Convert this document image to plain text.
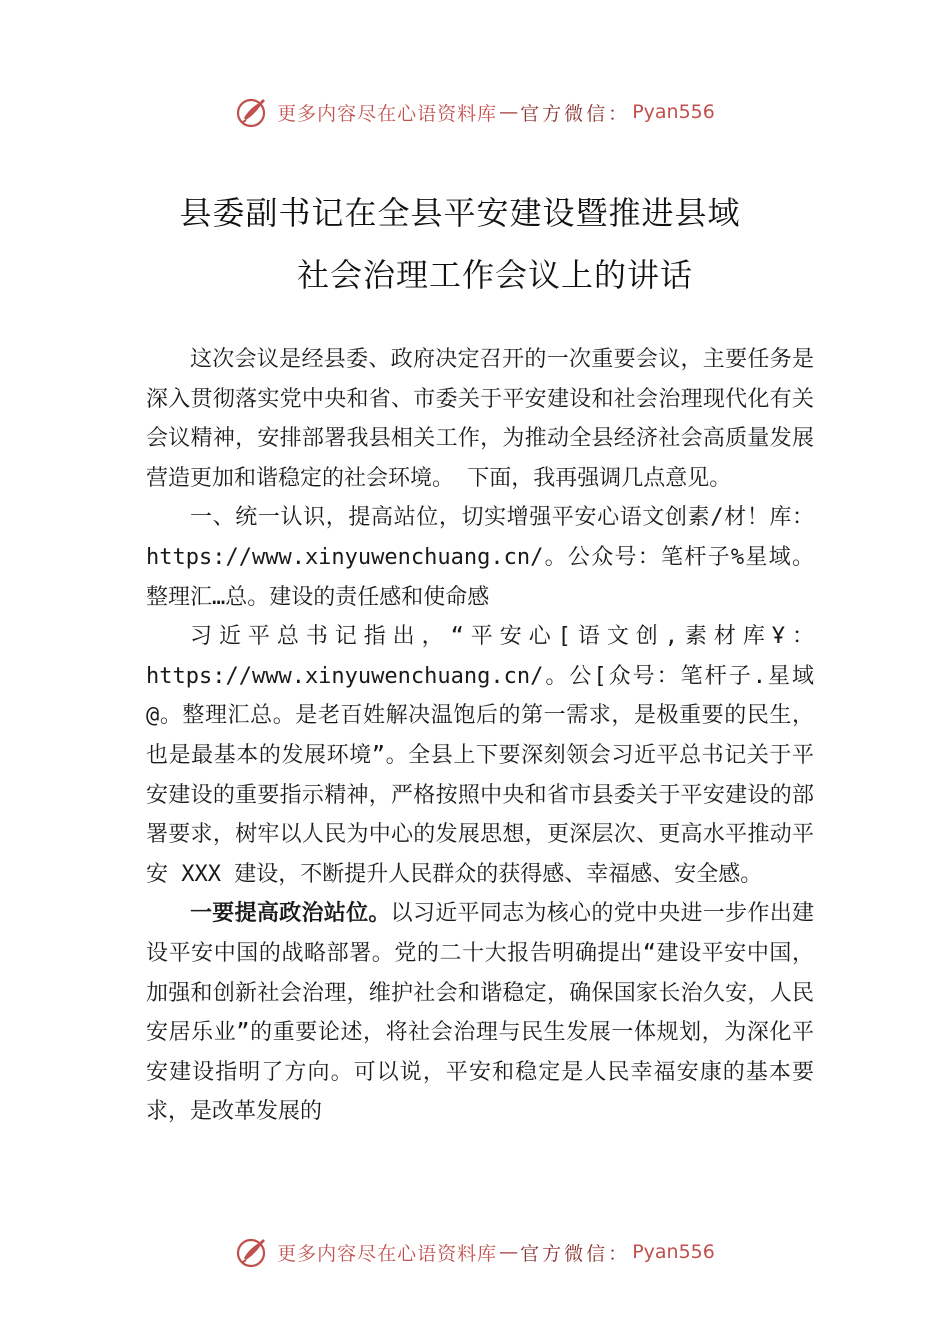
更多内容尽在心语资料库 — 官方微信： Pyan556
县委副书记在全县平安建设暨推进县域
社会治理工作会议上的讲话

这次会议是经县委、政府决定召开的一次重要会议，主要任务是深入贯彻落实党中央和省、市委关于平安建设和社会治理现代化有关会议精神，安排部署我县相关工作，为推动全县经济社会高质量发展营造更加和谐稳定的社会环境。 下面，我再强调几点意见。

一、统一认识，提高站位，切实增强平安心语文创素/材！库：https://www.xinyuwenchuang.cn/。公众号：笔杆子%星域。整理汇…总。建设的责任感和使命感

习近平总书记指出，“平安心[语文创,素材库Ұ：https://www.xinyuwenchuang.cn/。公[众号：笔杆子.星域@。整理汇总。是老百姓解决温饱后的第一需求，是极重要的民生，也是最基本的发展环境”。全县上下要深刻领会习近平总书记关于平安建设的重要指示精神，严格按照中央和省市县委关于平安建设的部署要求，树牢以人民为中心的发展思想，更深层次、更高水平推动平安 XXX 建设，不断提升人民群众的获得感、幸福感、安全感。

一要提高政治站位。以习近平同志为核心的党中央进一步作出建设平安中国的战略部署。党的二十大报告明确提出“建设平安中国，加强和创新社会治理，维护社会和谐稳定，确保国家长治久安，人民安居乐业”的重要论述，将社会治理与民生发展一体规划，为深化平安建设指明了方向。可以说，平安和稳定是人民幸福安康的基本要求，是改革发展的

更多内容尽在心语资料库 — 官方微信： Pyan556
